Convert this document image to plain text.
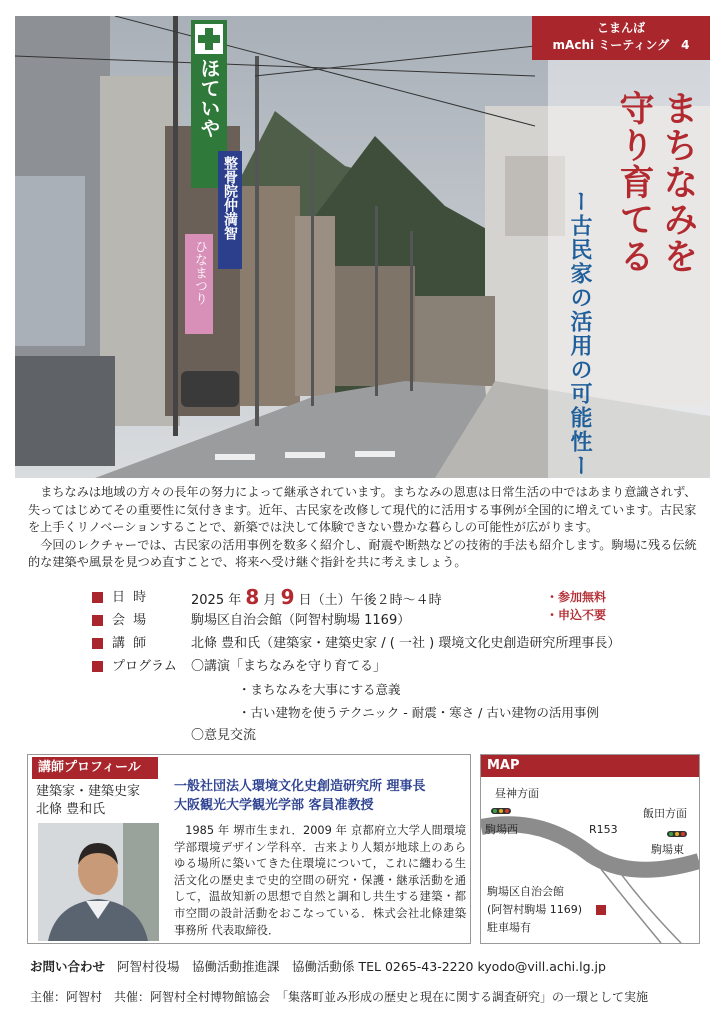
ほていや
整骨院仲満智
ひなまつり	まちなみを
守り育てる
ー古民家の活用の可能性ー
こまんば
mAchi ミーティング　4

まちなみは地域の方々の長年の努力によって継承されています。まちなみの恩恵は日常生活の中ではあまり意識されず、失ってはじめてその重要性に気付きます。近年、古民家を改修して現代的に活用する事例が全国的に増えています。古民家を上手くリノベーションすることで、新築では決して体験できない豊かな暮らしの可能性が広がります。

今回のレクチャーでは、古民家の活用事例を数多く紹介し、耐震や断熱などの技術的手法も紹介します。駒場に残る伝統的な建築や風景を見つめ直すことで、将来へ受け継ぐ指針を共に考えましょう。

日 時	2025 年 8 月 9 日（土）午後２時～４時
会 場	駒場区自治会館（阿智村駒場 1169）
講 師	北條 豊和氏（建築家・建築史家 / ( 一社 ) 環境文化史創造研究所理事長）
プログラム 〇講演「まちなみを守り育てる」
・まちなみを大事にする意義
・古い建物を使うテクニック - 耐震・寒さ / 古い建物の活用事例
〇意見交流
・参加無料
・申込不要
講師プロフィール
建築家・建築史家
北條 豊和氏
一般社団法人環境文化史創造研究所 理事長
大阪観光大学観光学部 客員准教授
1985 年 堺市生まれ．2009 年 京都府立大学人間環境学部環境デザイン学科卒．古来より人類が地球上のあらゆる場所に築いてきた住環境について，これに纏わる生活文化の歴史まで史的空間の研究・保護・継承活動を通して，温故知新の思想で自然と調和し共生する建築・都市空間の設計活動をおこなっている．株式会社北條建築事務所 代表取締役．
MAP
昼神方面
駒場西
飯田方面
R153
駒場東
駒場区自治会館
(阿智村駒場 1169)
駐車場有
お問い合わせ 阿智村役場　協働活動推進課　協働活動係 TEL 0265-43-2220 kyodo@vill.achi.lg.jp
主催：阿智村　共催：阿智村全村博物館協会　「集落町並み形成の歴史と現在に関する調査研究」の一環として実施
